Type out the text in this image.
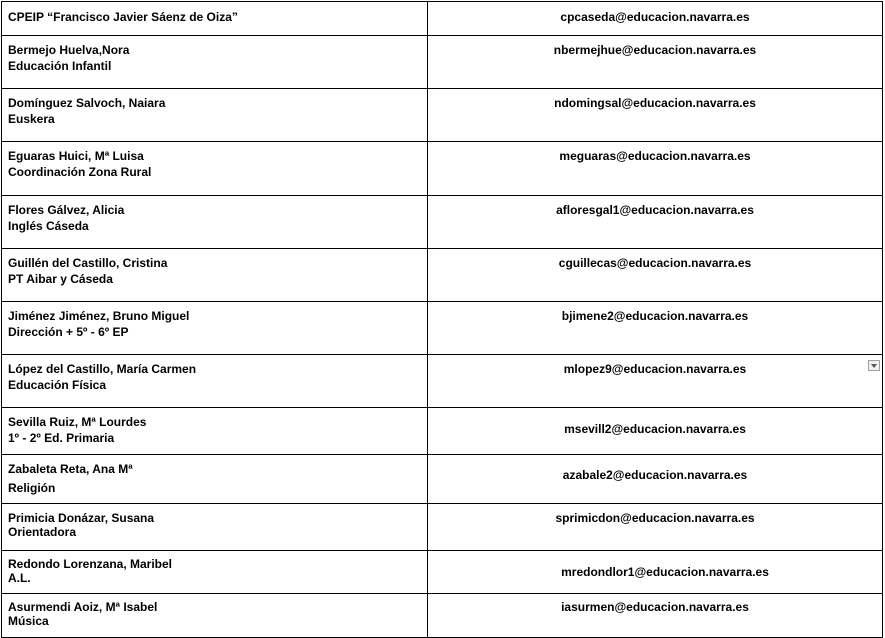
CPEIP “Francisco Javier Sáenz de Oiza”	cpcaseda@educacion.navarra.es

Bermejo Huelva,Nora
Educación Infantil	nbermejhue@educacion.navarra.es

Domínguez Salvoch, Naiara
Euskera	ndomingsal@educacion.navarra.es

Eguaras Huici, Mª Luisa
Coordinación Zona Rural	meguaras@educacion.navarra.es

Flores Gálvez, Alicia
Inglés Cáseda	afloresgal1@educacion.navarra.es

Guillén del Castillo, Cristina
PT Aibar y Cáseda	cguillecas@educacion.navarra.es

Jiménez Jiménez, Bruno Miguel
Dirección + 5º - 6º EP	bjimene2@educacion.navarra.es

López del Castillo, María Carmen
Educación Física	mlopez9@educacion.navarra.es

Sevilla Ruiz, Mª Lourdes
1º - 2º Ed. Primaria	msevill2@educacion.navarra.es

Zabaleta Reta, Ana Mª
Religión	azabale2@educacion.navarra.es

Primicia Donázar, Susana
Orientadora	sprimicdon@educacion.navarra.es

Redondo Lorenzana, Maribel
A.L.	mredondlor1@educacion.navarra.es

Asurmendi Aoiz, Mª Isabel
Música	iasurmen@educacion.navarra.es
